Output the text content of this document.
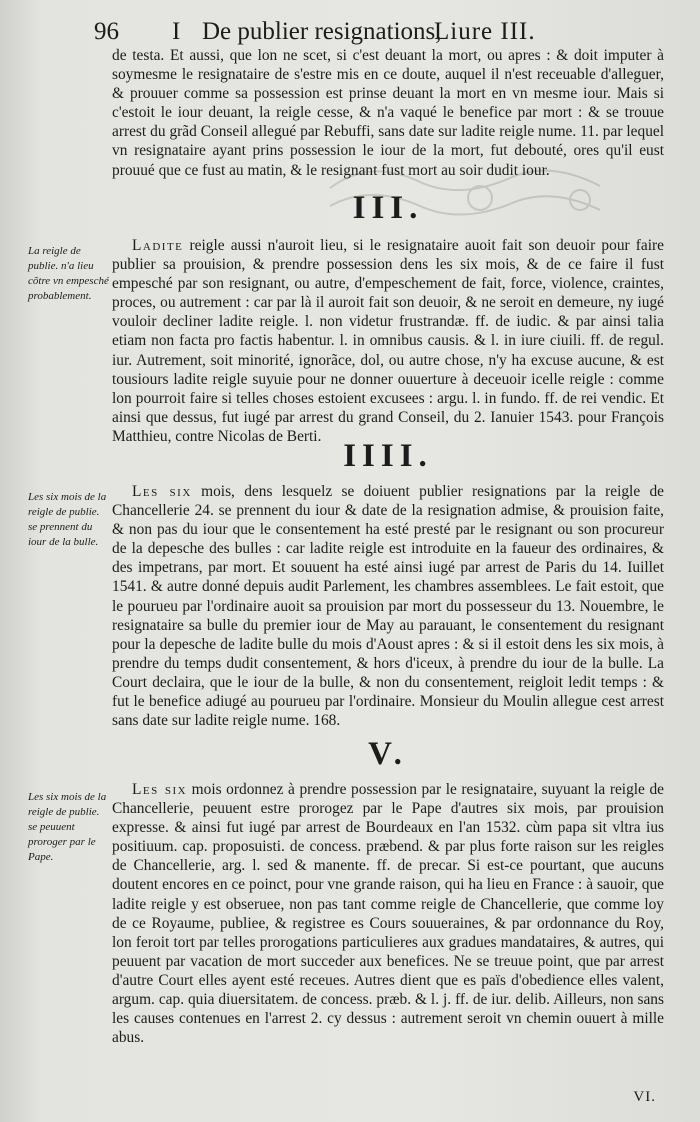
96 I De publier resignations,
Liure III.

de testa. Et aussi, que lon ne scet, si c'est deuant la mort, ou apres : & doit imputer à soymesme le resignataire de s'estre mis en ce doute, auquel il n'est receuable d'alleguer, & prouuer comme sa possession est prinse deuant la mort en vn mesme iour. Mais si c'estoit le iour deuant, la reigle cesse, & n'a vaqué le benefice par mort : & se trouue arrest du grãd Conseil allegué par Rebuffi, sans date sur ladite reigle nume. 11. par lequel vn resignataire ayant prins possession le iour de la mort, fut debouté, ores qu'il eust prouué que ce fust au matin, & le resignant fust mort au soir dudit iour.

III.
La reigle de publie. n'a lieu cõtre vn empesché probablement.

Ladite reigle aussi n'auroit lieu, si le resignataire auoit fait son deuoir pour faire publier sa prouision, & prendre possession dens les six mois, & de ce faire il fust empesché par son resignant, ou autre, d'empeschement de fait, force, violence, craintes, proces, ou autrement : car par là il auroit fait son deuoir, & ne seroit en demeure, ny iugé vouloir decliner ladite reigle. l. non videtur frustrandæ. ff. de iudic. & par ainsi talia etiam non facta pro factis habentur. l. in omnibus causis. & l. in iure ciuili. ff. de regul. iur. Autrement, soit minorité, ignorãce, dol, ou autre chose, n'y ha excuse aucune, & est tousiours ladite reigle suyuie pour ne donner ouuerture à deceuoir icelle reigle : comme lon pourroit faire si telles choses estoient excusees : argu. l. in fundo. ff. de rei vendic. Et ainsi que dessus, fut iugé par arrest du grand Conseil, du 2. Ianuier 1543. pour François Matthieu, contre Nicolas de Berti.

IIII.
Les six mois de la reigle de publie. se prennent du iour de la bulle.

Les six mois, dens lesquelz se doiuent publier resignations par la reigle de Chancellerie 24. se prennent du iour & date de la resignation admise, & prouision faite, & non pas du iour que le consentement ha esté presté par le resignant ou son procureur de la depesche des bulles : car ladite reigle est introduite en la faueur des ordinaires, & des impetrans, par mort. Et souuent ha esté ainsi iugé par arrest de Paris du 14. Iuillet 1541. & autre donné depuis audit Parlement, les chambres assemblees. Le fait estoit, que le pourueu par l'ordinaire auoit sa prouision par mort du possesseur du 13. Nouembre, le resignataire sa bulle du premier iour de May au parauant, le consentement du resignant pour la depesche de ladite bulle du mois d'Aoust apres : & si il estoit dens les six mois, à prendre du temps dudit consentement, & hors d'iceux, à prendre du iour de la bulle. La Court declaira, que le iour de la bulle, & non du consentement, reigloit ledit temps : & fut le benefice adiugé au pourueu par l'ordinaire. Monsieur du Moulin allegue cest arrest sans date sur ladite reigle nume. 168.

V.
Les six mois de la reigle de publie. se peuuent proroger par le Pape.

Les six mois ordonnez à prendre possession par le resignataire, suyuant la reigle de Chancellerie, peuuent estre prorogez par le Pape d'autres six mois, par prouision expresse. & ainsi fut iugé par arrest de Bourdeaux en l'an 1532. cùm papa sit vltra ius positiuum. cap. proposuisti. de concess. præbend. & par plus forte raison sur les reigles de Chancellerie, arg. l. sed & manente. ff. de precar. Si est-ce pourtant, que aucuns doutent encores en ce poinct, pour vne grande raison, qui ha lieu en France : à sauoir, que ladite reigle y est obseruee, non pas tant comme reigle de Chancellerie, que comme loy de ce Royaume, publiee, & registree es Cours souueraines, & par ordonnance du Roy, lon feroit tort par telles prorogations particulieres aux gradues mandataires, & autres, qui peuuent par vacation de mort succeder aux benefices. Ne se treuue point, que par arrest d'autre Court elles ayent esté receues. Autres dient que es païs d'obedience elles valent, argum. cap. quia diuersitatem. de concess. præb. & l. j. ff. de iur. delib. Ailleurs, non sans les causes contenues en l'arrest 2. cy dessus : autrement seroit vn chemin ouuert à mille abus.

VI.
